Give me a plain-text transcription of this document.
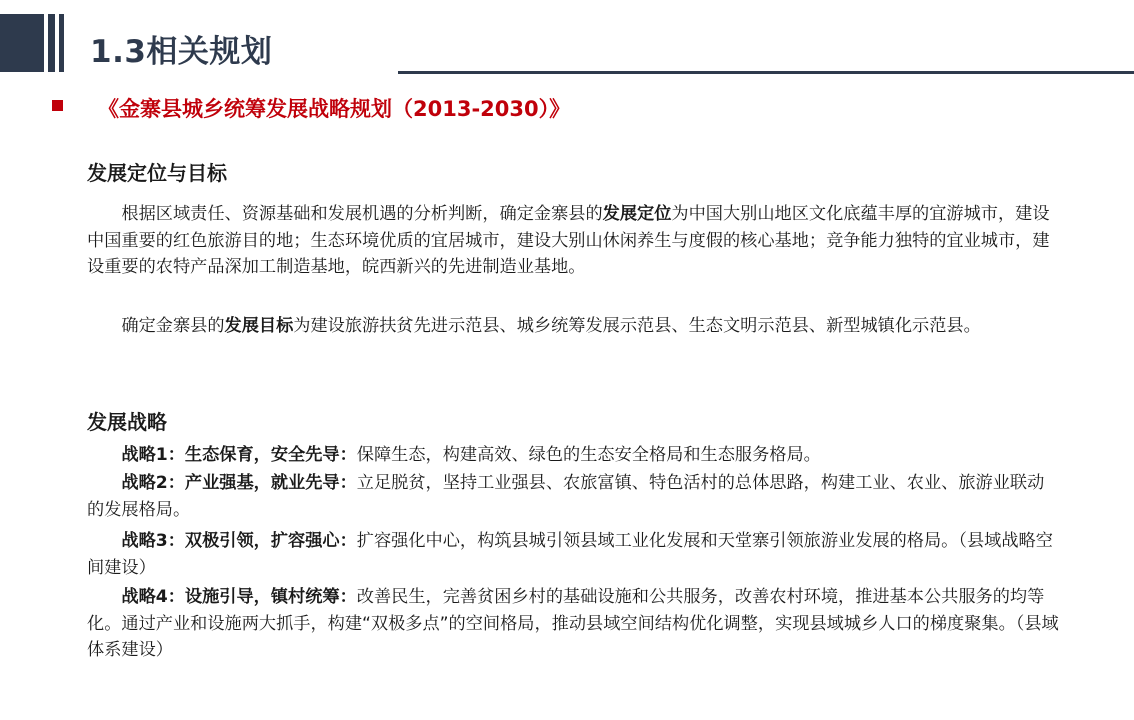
1.3相关规划
《金寨县城乡统筹发展战略规划（2013-2030）》
发展定位与目标

根据区域责任、资源基础和发展机遇的分析判断，确定金寨县的发展定位为中国大别山地区文化底蕴丰厚的宜游城市，建设中国重要的红色旅游目的地；生态环境优质的宜居城市，建设大别山休闲养生与度假的核心基地；竞争能力独特的宜业城市，建设重要的农特产品深加工制造基地，皖西新兴的先进制造业基地。

确定金寨县的发展目标为建设旅游扶贫先进示范县、城乡统筹发展示范县、生态文明示范县、新型城镇化示范县。

发展战略

战略1：生态保育，安全先导：保障生态，构建高效、绿色的生态安全格局和生态服务格局。

战略2：产业强基，就业先导：立足脱贫，坚持工业强县、农旅富镇、特色活村的总体思路，构建工业、农业、旅游业联动的发展格局。

战略3：双极引领，扩容强心：扩容强化中心，构筑县城引领县域工业化发展和天堂寨引领旅游业发展的格局。（县域战略空间建设）

战略4：设施引导，镇村统筹：改善民生，完善贫困乡村的基础设施和公共服务，改善农村环境，推进基本公共服务的均等化。通过产业和设施两大抓手，构建“双极多点”的空间格局，推动县域空间结构优化调整，实现县域城乡人口的梯度聚集。（县域体系建设）
